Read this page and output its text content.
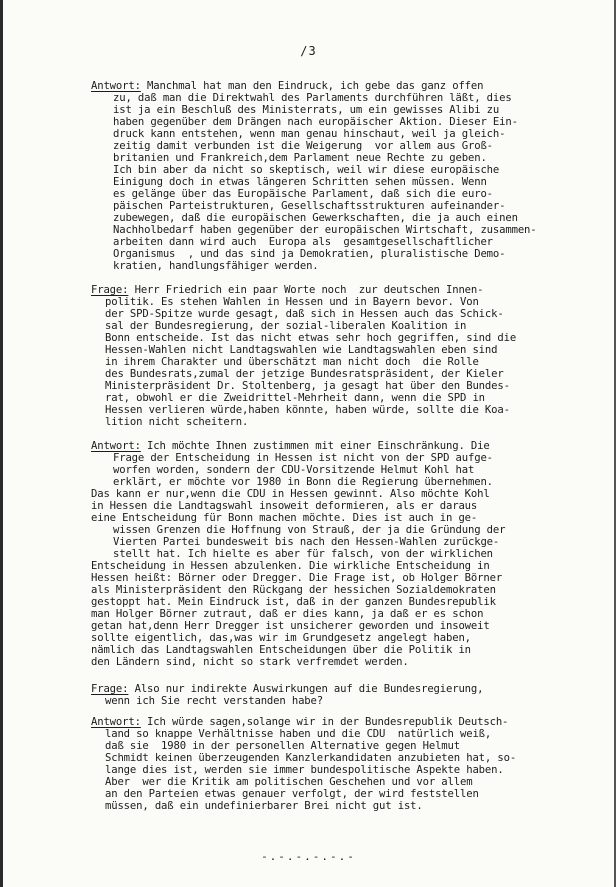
/3
Antwort: Manchmal hat man den Eindruck, ich gebe das ganz offen
zu, daß man die Direktwahl des Parlaments durchführen läßt, dies
ist ja ein Beschluß des Ministerrats, um ein gewisses Alibi zu
haben gegenüber dem Drängen nach europäischer Aktion. Dieser Ein-
druck kann entstehen, wenn man genau hinschaut, weil ja gleich-
zeitig damit verbunden ist die Weigerung  vor allem aus Groß-
britanien und Frankreich,dem Parlament neue Rechte zu geben.
Ich bin aber da nicht so skeptisch, weil wir diese europäische
Einigung doch in etwas längeren Schritten sehen müssen. Wenn
es gelänge über das Europäische Parlament, daß sich die euro-
päischen Parteistrukturen, Gesellschaftsstrukturen aufeinander-
zubewegen, daß die europäischen Gewerkschaften, die ja auch einen
Nachholbedarf haben gegenüber der europäischen Wirtschaft, zusammen-
arbeiten dann wird auch  Europa als  gesamtgesellschaftlicher
Organismus  , und das sind ja Demokratien, pluralistische Demo-
kratien, handlungsfähiger werden.
Frage: Herr Friedrich ein paar Worte noch  zur deutschen Innen-
politik. Es stehen Wahlen in Hessen und in Bayern bevor. Von
der SPD-Spitze wurde gesagt, daß sich in Hessen auch das Schick-
sal der Bundesregierung, der sozial-liberalen Koalition in
Bonn entscheide. Ist das nicht etwas sehr hoch gegriffen, sind die
Hessen-Wahlen nicht Landtagswahlen wie Landtagswahlen eben sind
in ihrem Charakter und überschätzt man nicht doch  die Rolle
des Bundesrats,zumal der jetzige Bundesratspräsident, der Kieler
Ministerpräsident Dr. Stoltenberg, ja gesagt hat über den Bundes-
rat, obwohl er die Zweidrittel-Mehrheit dann, wenn die SPD in
Hessen verlieren würde,haben könnte, haben würde, sollte die Koa-
lition nicht scheitern.
Antwort: Ich möchte Ihnen zustimmen mit einer Einschränkung. Die
Frage der Entscheidung in Hessen ist nicht von der SPD aufge-
worfen worden, sondern der CDU-Vorsitzende Helmut Kohl hat
erklärt, er möchte vor 1980 in Bonn die Regierung übernehmen.
Das kann er nur,wenn die CDU in Hessen gewinnt. Also möchte Kohl
in Hessen die Landtagswahl insoweit deformieren, als er daraus
eine Entscheidung für Bonn machen möchte. Dies ist auch in ge-
wissen Grenzen die Hoffnung von Strauß, der ja die Gründung der
Vierten Partei bundesweit bis nach den Hessen-Wahlen zurückge-
stellt hat. Ich hielte es aber für falsch, von der wirklichen
Entscheidung in Hessen abzulenken. Die wirkliche Entscheidung in
Hessen heißt: Börner oder Dregger. Die Frage ist, ob Holger Börner
als Ministerpräsident den Rückgang der hessichen Sozialdemokraten
gestoppt hat. Mein Eindruck ist, daß in der ganzen Bundesrepublik
man Holger Börner zutraut, daß er dies kann, ja daß er es schon
getan hat,denn Herr Dregger ist unsicherer geworden und insoweit
sollte eigentlich, das,was wir im Grundgesetz angelegt haben,
nämlich das Landtagswahlen Entscheidungen über die Politik in
den Ländern sind, nicht so stark verfremdet werden.
Frage: Also nur indirekte Auswirkungen auf die Bundesregierung,
wenn ich Sie recht verstanden habe?
Antwort: Ich würde sagen,solange wir in der Bundesrepublik Deutsch-
land so knappe Verhältnisse haben und die CDU  natürlich weiß,
daß sie  1980 in der personellen Alternative gegen Helmut
Schmidt keinen überzeugenden Kanzlerkandidaten anzubieten hat, so-
lange dies ist, werden sie immer bundespolitische Aspekte haben.
Aber  wer die Kritik am politischen Geschehen und vor allem
an den Parteien etwas genauer verfolgt, der wird feststellen
müssen, daß ein undefinierbarer Brei nicht gut ist.
-.-.-.-.-.-
